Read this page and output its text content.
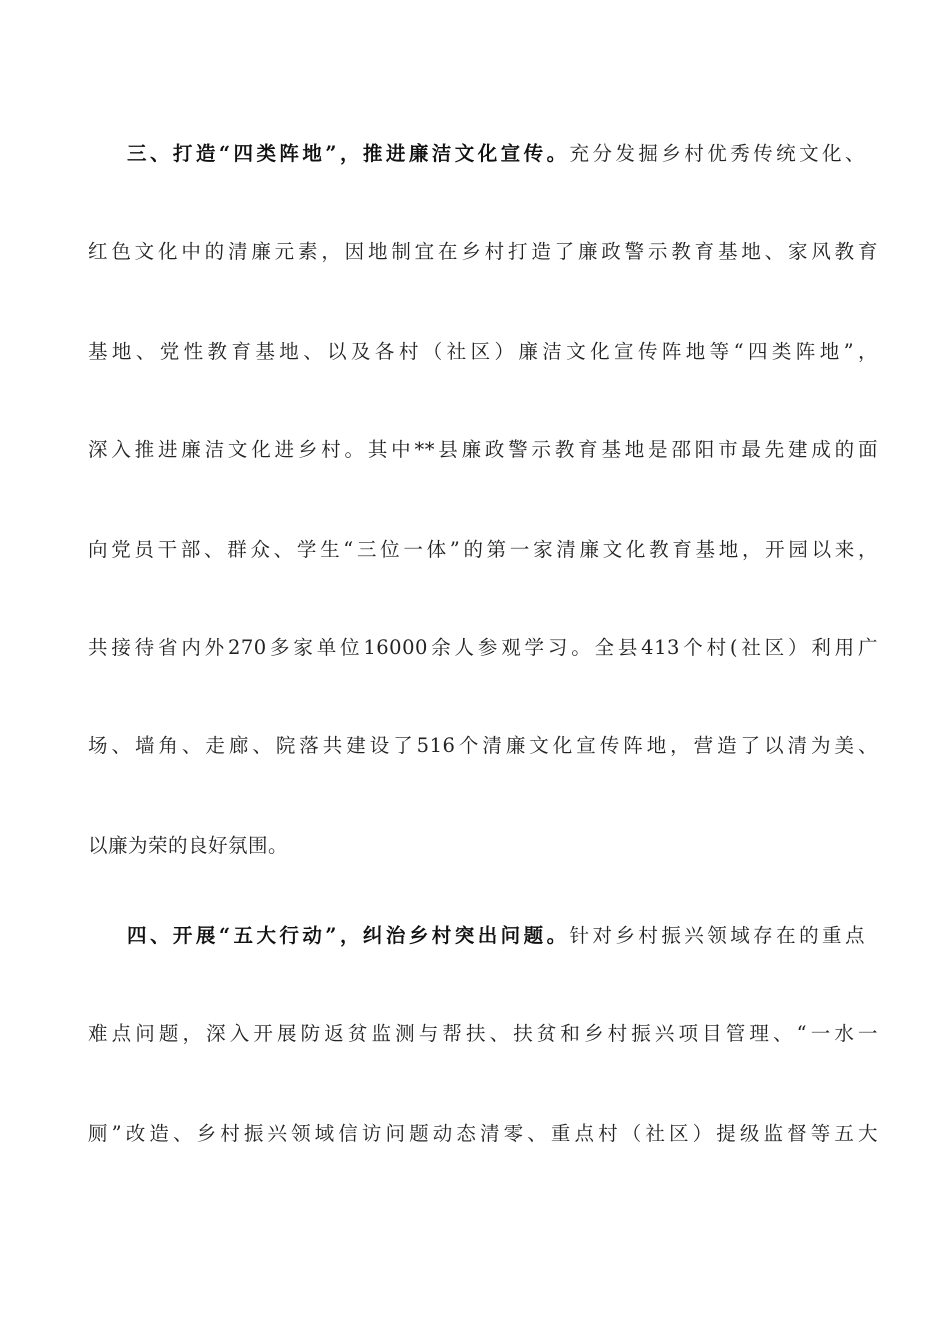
三、打造“四类阵地”，推进廉洁文化宣传。充分发掘乡村优秀传统文化、
红色文化中的清廉元素，因地制宜在乡村打造了廉政警示教育基地、家风教育
基地、党性教育基地、以及各村（社区）廉洁文化宣传阵地等“四类阵地”，
深入推进廉洁文化进乡村。其中**县廉政警示教育基地是邵阳市最先建成的面
向党员干部、群众、学生“三位一体”的第一家清廉文化教育基地，开园以来，
共接待省内外270多家单位16000余人参观学习。全县413个村(社区）利用广
场、墙角、走廊、院落共建设了516个清廉文化宣传阵地，营造了以清为美、
以廉为荣的良好氛围。
四、开展“五大行动”，纠治乡村突出问题。针对乡村振兴领域存在的重点
难点问题，深入开展防返贫监测与帮扶、扶贫和乡村振兴项目管理、“一水一
厕”改造、乡村振兴领域信访问题动态清零、重点村（社区）提级监督等五大
